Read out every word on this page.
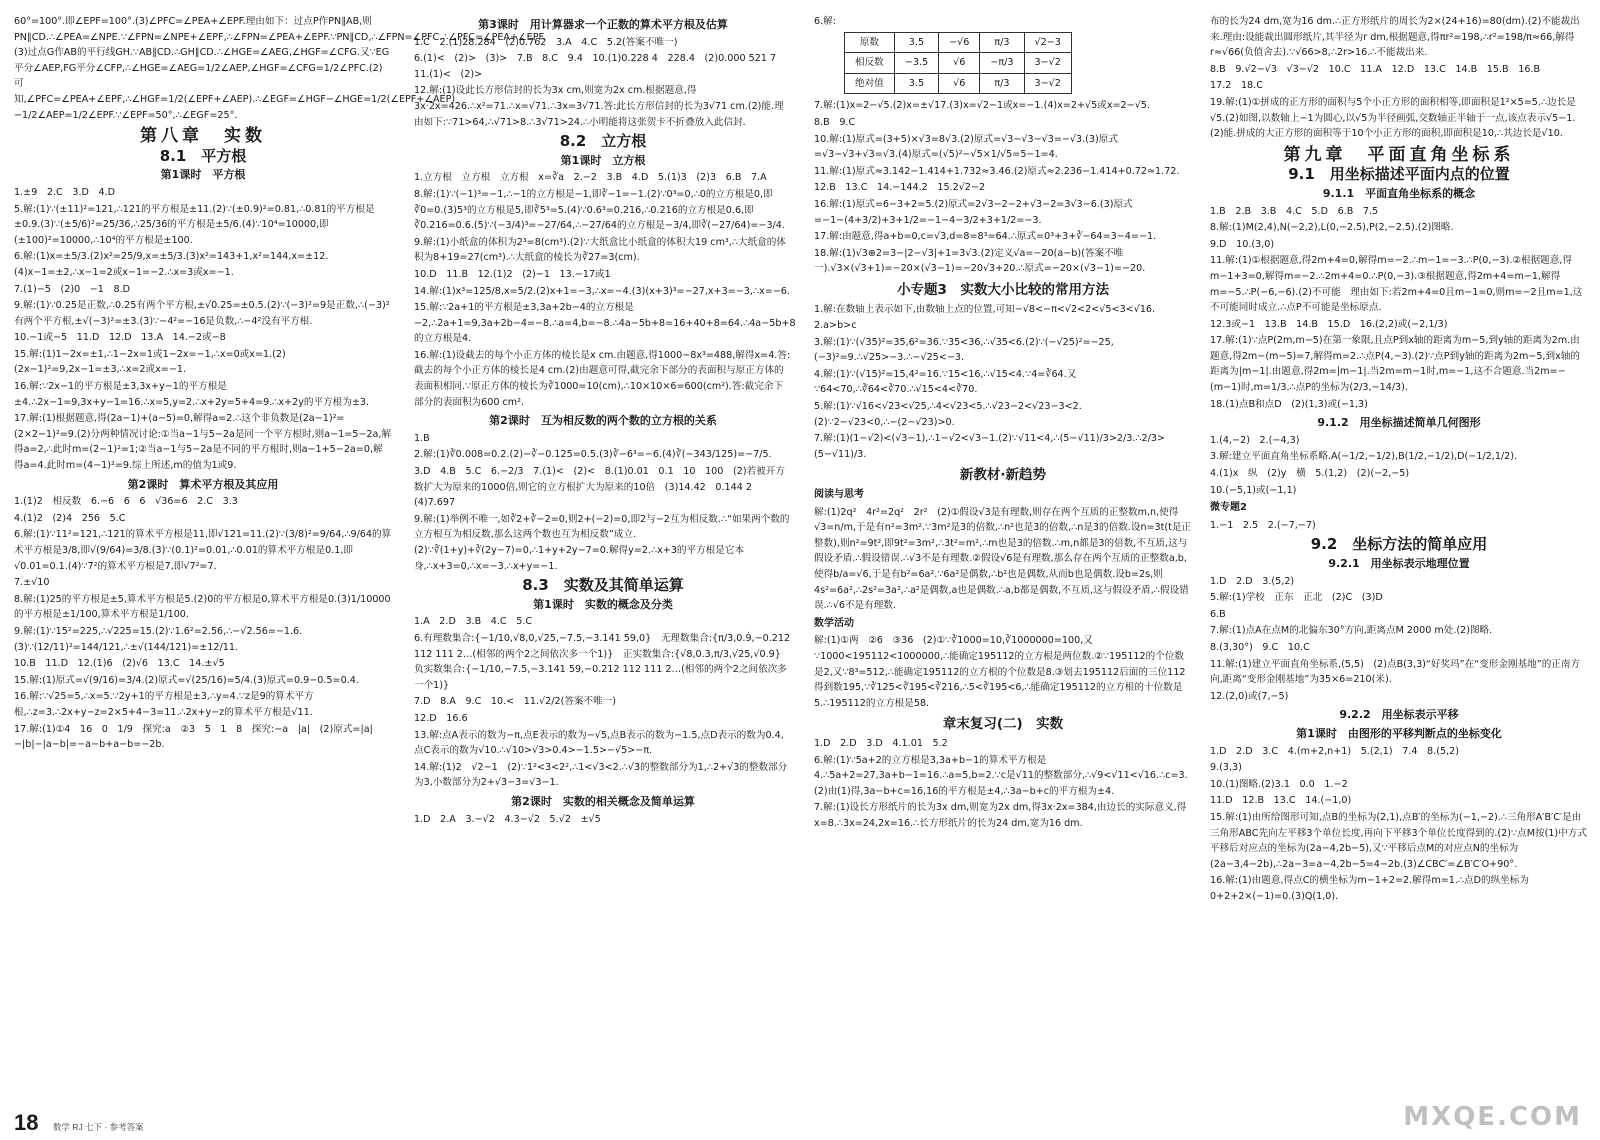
60°=100°.即∠EPF=100°.(3)∠PFC=∠PEA+∠EPF.理由如下：过点P作PN∥AB,则PN∥CD.∴∠PEA=∠NPE.∵∠FPN=∠NPE+∠EPF,∴∠FPN=∠PEA+∠EPF.∵PN∥CD,∴∠FPN=∠PFC.∴∠PFC=∠PEA+∠EPF.(3)过点G作AB的平行线GH.∵AB∥CD.∴GH∥CD.∴∠HGE=∠AEG,∠HGF=∠CFG.又∵EG平分∠AEP,FG平分∠CFP,∴∠HGE=∠AEG=1/2∠AEP,∠HGF=∠CFG=1/2∠PFC.(2)可知,∠PFC=∠PEA+∠EPF,∴∠HGF=1/2(∠EPF+∠AEP).∴∠EGF=∠HGF−∠HGE=1/2(∠EPF+∠AEP)−1/2∠AEP=1/2∠EPF.∵∠EPF=50°,∴∠EGF=25°.
第八章　实数
8.1　平方根
第1课时　平方根
1.±9　2.C　3.D　4.D
5.解:(1)∵(±11)²=121,∴121的平方根是±11.(2)∵(±0.9)²=0.81,∴0.81的平方根是±0.9.(3)∵(±5/6)²=25/36,∴25/36的平方根是±5/6.(4)∵10⁴=10000,即(±100)²=10000,∴10⁴的平方根是±100.
6.解:(1)x=±5/3.(2)x²=25/9,x=±5/3.(3)x²=143+1,x²=144,x=±12.(4)x−1=±2,∴x−1=2或x−1=−2.∴x=3或x=−1.
7.(1)−5　(2)0　−1　8.D
9.解:(1)∵0.25是正数,∴0.25有两个平方根,±√0.25=±0.5.(2)∵(−3)²=9是正数,∴(−3)²有两个平方根,±√(−3)²=±3.(3)∵−4²=−16是负数,∴−4²没有平方根.
10.−1或−5　11.D　12.D　13.A　14.−2或−8
15.解:(1)1−2x=±1,∴1−2x=1或1−2x=−1,∴x=0或x=1.(2)(2x−1)²=9,2x−1=±3,∴x=2或x=−1.
16.解:∵2x−1的平方根是±3,3x+y−1的平方根是±4.∴2x−1=9,3x+y−1=16.∴x=5,y=2.∴x+2y=5+4=9.∴x+2y的平方根为±3.
17.解:(1)根据题意,得(2a−1)+(a−5)=0,解得a=2.∴这个非负数是(2a−1)²=(2×2−1)²=9.(2)分两种情况讨论:①当a−1与5−2a是同一个平方根时,则a−1=5−2a,解得a=2,∴此时m=(2−1)²=1;②当a−1与5−2a是不同的平方根时,则a−1+5−2a=0,解得a=4.此时m=(4−1)²=9.综上所述,m的值为1或9.
第2课时　算术平方根及其应用
1.(1)2　相反数　6.−6　6　6　√36=6　2.C　3.3
4.(1)2　(2)4　256　5.C
6.解:(1)∵11²=121,∴121的算术平方根是11,即√121=11.(2)∵(3/8)²=9/64,∴9/64的算术平方根是3/8,即√(9/64)=3/8.(3)∵(0.1)²=0.01,∴0.01的算术平方根是0.1,即√0.01=0.1.(4)∵7²的算术平方根是7,即√7²=7.
7.±√10
8.解:(1)25的平方根是±5,算术平方根是5.(2)0的平方根是0,算术平方根是0.(3)1/10000的平方根是±1/100,算术平方根是1/100.
9.解:(1)∵15²=225,∴√225=15.(2)∵1.6²=2.56,∴−√2.56=−1.6.(3)∵(12/11)²=144/121,∴±√(144/121)=±12/11.
10.B　11.D　12.(1)6　(2)√6　13.C　14.±√5
15.解:(1)原式=√(9/16)=3/4.(2)原式=√(25/16)=5/4.(3)原式=0.9−0.5=0.4.
16.解:∵√25=5,∴x=5.∵2y+1的平方根是±3,∴y=4.∵z是9的算术平方根,∴z=3.∴2x+y−z=2×5+4−3=11.∴2x+y−z的算术平方根是√11.
17.解:(1)①4　16　0　1/9　探究:a　②3　5　1　8　探究:−a　|a|　(2)原式=|a|−|b|−|a−b|=−a−b+a−b=−2b.
第3课时　用计算器求一个正数的算术平方根及估算
1.C　2.(1)28.284　(2)0.762　3.A　4.C　5.2(答案不唯一)
6.(1)<　(2)>　(3)>　7.B　8.C　9.4　10.(1)0.228 4　228.4　(2)0.000 521 7　11.(1)<　(2)>
12.解:(1)设此长方形信封的长为3x cm,则宽为2x cm.根据题意,得3x·2x=426.∴x²=71.∴x=√71.∴3x=3√71.答:此长方形信封的长为3√71 cm.(2)能.理由如下:∵71>64,∴√71>8.∴3√71>24.∴小明能将这张贺卡不折叠放入此信封.
8.2　立方根
第1课时　立方根
1.立方根　立方根　立方根　x=∛a　2.−2　3.B　4.D　5.(1)3　(2)3　6.B　7.A
8.解:(1)∵(−1)³=−1,∴−1的立方根是−1,即∛−1=−1.(2)∵0³=0,∴0的立方根是0,即∛0=0.(3)5³的立方根是5,即∛5³=5.(4)∵0.6³=0.216,∴0.216的立方根是0.6,即∛0.216=0.6.(5)∵(−3/4)³=−27/64,∴−27/64的立方根是−3/4,即∛(−27/64)=−3/4.
9.解:(1)小纸盒的体积为2³=8(cm³).(2)∵大纸盒比小纸盒的体积大19 cm³,∴大纸盒的体积为8+19=27(cm³).∴大纸盒的棱长为∛27=3(cm).
10.D　11.B　12.(1)2　(2)−1　13.−17或1
14.解:(1)x³=125/8,x=5/2.(2)x+1=−3,∴x=−4.(3)(x+3)³=−27,x+3=−3,∴x=−6.
15.解:∵2a+1的平方根是±3,3a+2b−4的立方根是−2,∴2a+1=9,3a+2b−4=−8.∴a=4,b=−8.∴4a−5b+8=16+40+8=64.∴4a−5b+8的立方根是4.
16.解:(1)设截去的每个小正方体的棱长是x cm.由题意,得1000−8x³=488,解得x=4.答:截去的每个小正方体的棱长是4 cm.(2)由题意可得,截完余下部分的表面积与原正方体的表面积相同.∵原正方体的棱长为∛1000=10(cm),∴10×10×6=600(cm²).答:截完余下部分的表面积为600 cm².
第2课时　互为相反数的两个数的立方根的关系
1.B
2.解:(1)∛0.008=0.2.(2)−∛−0.125=0.5.(3)∛−6³=−6.(4)∛(−343/125)=−7/5.
3.D　4.B　5.C　6.−2/3　7.(1)<　(2)<　8.(1)0.01　0.1　10　100　(2)若被开方数扩大为原来的1000倍,则它的立方根扩大为原来的10倍　(3)14.42　0.144 2　(4)7.697
9.解:(1)举例不唯一,如∛2+∛−2=0,则2+(−2)=0,即2与−2互为相反数.∴“如果两个数的立方根互为相反数,那么这两个数也互为相反数”成立.(2)∵∛(1+y)+∛(2y−7)=0,∴1+y+2y−7=0.解得y=2.∴x+3的平方根是它本身,∴x+3=0,∴x=−3.∴x+y=−1.
8.3　实数及其简单运算
第1课时　实数的概念及分类
1.A　2.D　3.B　4.C　5.C
6.有理数集合:{−1/10,√8,0,√25,−7.5,−3.141 59,0}　无理数集合:{π/3,0.9̇,−0.212 112 111 2…(相邻的两个2之间依次多一个1)}　正实数集合:{√8,0.3,π/3,√25,√0.9}　负实数集合:{−1/10,−7.5,−3.141 59,−0.212 112 111 2…(相邻的两个2之间依次多一个1)}
7.D　8.A　9.C　10.<　11.√2/2(答案不唯一)
12.D　16.6
13.解:点A表示的数为−π,点E表示的数为−√5,点B表示的数为−1.5,点D表示的数为0.4,点C表示的数为√10.∴√10>√3>0.4>−1.5>−√5>−π.
14.解:(1)2　√2−1　(2)∵1²<3<2²,∴1<√3<2.∴√3的整数部分为1,∴2+√3的整数部分为3,小数部分为2+√3−3=√3−1.
第2课时　实数的相关概念及简单运算
1.D　2.A　3.−√2　4.3−√2　5.√2　±√5
6.解:
原数	3.5	−√6	π/3	√2−3
相反数	−3.5	√6	−π/3	3−√2
绝对值	3.5	√6	π/3	3−√2
7.解:(1)x=2−√5.(2)x=±√17.(3)x=√2−1或x=−1.(4)x=2+√5或x=2−√5.
8.B　9.C
10.解:(1)原式=(3+5)×√3=8√3.(2)原式=√3−√3−√3=−√3.(3)原式=√3−√3+√3=√3.(4)原式=(√5)²−√5×1/√5=5−1=4.
11.解:(1)原式≈3.142−1.414+1.732≈3.46.(2)原式≈2.236−1.414+0.72≈1.72.
12.B　13.C　14.−144.2　15.2√2−2
16.解:(1)原式=6−3+2=5.(2)原式=2√3−2−2+√3−2=3√3−6.(3)原式=−1−(4+3/2)+3+1/2=−1−4−3/2+3+1/2=−3.
17.解:由题意,得a+b=0,c=√3,d=8=8³=64.∴原式=0³+3+∛−64=3−4=−1.
18.解:(1)√3⊕2=3−|2−√3|+1=3√3.(2)定义√a=−20(a−b)(答案不唯一).√3×(√3+1)=−20×(√3−1)=−20√3+20.∴原式=−20×(√3−1)=−20.
小专题3　实数大小比较的常用方法
1.解:在数轴上表示如下,由数轴上点的位置,可知−√8<−π<√2<2<√5<3<√16.
2.a>b>c
3.解:(1)∵(√35)²=35,6²=36.∵35<36,∴√35<6.(2)∵(−√25)²=−25,(−3)²=9.∴√25>−3.∴−√25<−3.
4.解:(1)∵(√15)²=15,4²=16.∵15<16,∴√15<4.∵4=∛64.又∵64<70,∴∛64<∛70.∴√15<4<∛70.
5.解:(1)∵√16<√23<√25,∴4<√23<5.∴√23−2<√23−3<2.(2)∵2−√23<0,∴−(2−√23)>0.
7.解:(1)(1−√2)<(√3−1),∴1−√2<√3−1.(2)∵√11<4,∴(5−√11)/3>2/3.∴2/3>(5−√11)/3.
新教材·新趋势
阅读与思考
解:(1)2q²　4r²=2q²　2r²　(2)①假设√3是有理数,则存在两个互质的正整数m,n,使得√3=n/m,于是有n²=3m².∵3m²是3的倍数,∴n²也是3的倍数,∴n是3的倍数.设n=3t(t是正整数),则n²=9t²,即9t²=3m²,∴3t²=m²,∴m也是3的倍数.∴m,n都是3的倍数,不互质,这与假设矛盾.∴假设错误.∴√3不是有理数.②假设√6是有理数,那么存在两个互质的正整数a,b,使得b/a=√6,于是有b²=6a².∵6a²是偶数,∴b²也是偶数,从而b也是偶数.设b=2s,则4s²=6a²,∴2s²=3a²,∴a²是偶数,a也是偶数.∴a,b都是偶数,不互质,这与假设矛盾,∴假设错误.∴√6不是有理数.
数学活动
解:(1)①两　②6　③36　(2)①∵∛1000=10,∛1000000=100,又∵1000<195112<1000000,∴能确定195112的立方根是两位数.②∵195112的个位数是2,又∵8³=512,∴能确定195112的立方根的个位数是8.③划去195112后面的三位112得到数195,∵∛125<∛195<∛216,∴5<∛195<6,∴能确定195112的立方根的十位数是5.∴195112的立方根是58.
章末复习(二)　实数
1.D　2.D　3.D　4.1.01　5.2
6.解:(1)∵5a+2的立方根是3,3a+b−1的算术平方根是4.∴5a+2=27,3a+b−1=16.∴a=5,b=2.∵c是√11的整数部分,∴√9<√11<√16.∴c=3.(2)由(1)得,3a−b+c=16,16的平方根是±4,∴3a−b+c的平方根为±4.
7.解:(1)设长方形纸片的长为3x dm,则宽为2x dm,得3x·2x=384,由边长的实际意义,得x=8.∴3x=24,2x=16.∴长方形纸片的长为24 dm,宽为16 dm.
布的长为24 dm,宽为16 dm.∴正方形纸片的周长为2×(24+16)=80(dm).(2)不能裁出来.理由:设能裁出圆形纸片,其半径为r dm,根据题意,得πr²=198,∴r²=198/π≈66,解得r≈√66(负值舍去).∵√66>8,∴2r>16.∴不能裁出来.
8.B　9.√2−√3　√3−√2　10.C　11.A　12.D　13.C　14.B　15.B　16.B
17.2　18.C
19.解:(1)①拼成的正方形的面积与5个小正方形的面积相等,即面积是1²×5=5.∴边长是√5.(2)如图,以数轴上−1为圆心,以√5为半径画弧,交数轴正半轴于一点,该点表示√5−1.(2)能.拼成的大正方形的面积等于10个小正方形的面积,即面积是10,∴其边长是√10.
第九章　平面直角坐标系
9.1　用坐标描述平面内点的位置
9.1.1　平面直角坐标系的概念
1.B　2.B　3.B　4.C　5.D　6.B　7.5
8.解:(1)M(2,4),N(−2,2),L(0,−2.5),P(2,−2.5).(2)图略.
9.D　10.(3,0)
11.解:(1)①根据题意,得2m+4=0,解得m=−2.∴m−1=−3.∴P(0,−3).②根据题意,得m−1+3=0,解得m=−2.∴2m+4=0.∴P(0,−3).③根据题意,得2m+4=m−1,解得m=−5.∴P(−6,−6).(2)不可能　理由如下:若2m+4=0且m−1=0,则m=−2且m=1,这不可能同时成立.∴点P不可能是坐标原点.
12.3或−1　13.B　14.B　15.D　16.(2,2)或(−2,1/3)
17.解:(1)∵点P(2m,m−5)在第一象限,且点P到x轴的距离为m−5,到y轴的距离为2m.由题意,得2m−(m−5)=7,解得m=2.∴点P(4,−3).(2)∵点P到y轴的距离为2m−5,到x轴的距离为|m−1|.由题意,得2m=|m−1|.当2m=m−1时,m=−1,这不合题意.当2m=−(m−1)时,m=1/3.∴点P的坐标为(2/3,−14/3).
18.(1)点B和点D　(2)(1,3)或(−1,3)
9.1.2　用坐标描述简单几何图形
1.(4,−2)　2.(−4,3)
3.解:建立平面直角坐标系略.A(−1/2,−1/2),B(1/2,−1/2),D(−1/2,1/2).
4.(1)x　纵　(2)y　横　5.(1,2)　(2)(−2,−5)
10.(−5,1)或(−1,1)
微专题2
1.−1　2.5　2.(−7,−7)
9.2　坐标方法的简单应用
9.2.1　用坐标表示地理位置
1.D　2.D　3.(5,2)
5.解:(1)学校　正东　正北　(2)C　(3)D
6.B
7.解:(1)点A在点M的北偏东30°方向,距离点M 2000 m处.(2)图略.
8.(3,30°)　9.C　10.C
11.解:(1)建立平面直角坐标系,(5,5)　(2)点B(3,3)“好奖玛”在“变形金刚基地”的正南方向,距离“变形金刚基地”为35×6=210(米).
12.(2,0)或(7,−5)
9.2.2　用坐标表示平移
第1课时　由图形的平移判断点的坐标变化
1.D　2.D　3.C　4.(m+2,n+1)　5.(2,1)　7.4　8.(5,2)
9.(3,3)
10.(1)图略.(2)3.1　0.0　1.−2
11.D　12.B　13.C　14.(−1,0)
15.解:(1)由所给图形可知,点B的坐标为(2,1),点B′的坐标为(−1,−2).∴三角形A′B′C′是由三角形ABC先向左平移3个单位长度,再向下平移3个单位长度得到的.(2)∵点M按(1)中方式平移后对应点的坐标为(2a−4,2b−5),又∵平移后点M的对应点N的坐标为(2a−3,4−2b),∴2a−3=a−4,2b−5=4−2b.(3)∠CBC′=∠B′C′O+90°.
16.解:(1)由题意,得点C的横坐标为m−1+2=2.解得m=1.∴点D的纵坐标为0+2+2×(−1)=0.(3)Q(1,0).
18 数学 RJ 七下 · 参考答案	MXQE.COM
